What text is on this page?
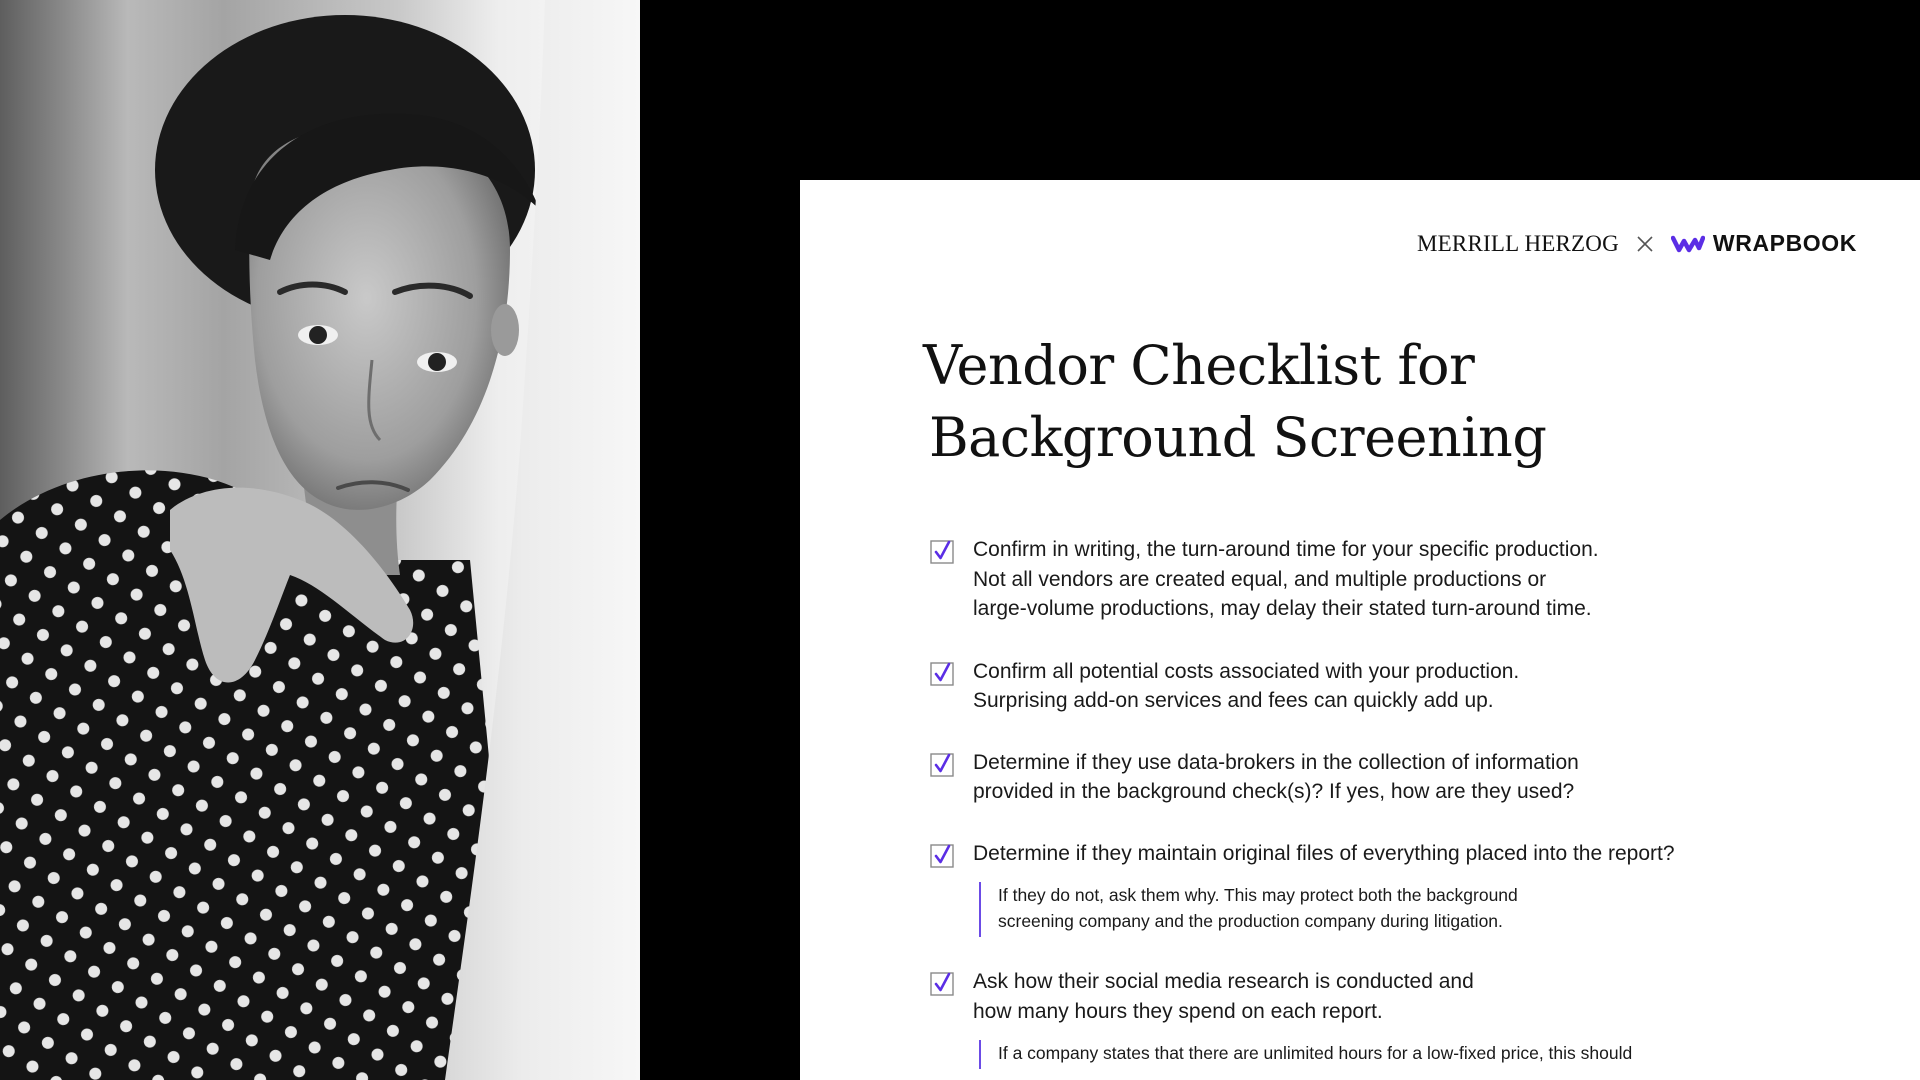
MERRILL HERZOG	WRAPBOOK
Vendor Checklist for
Background Screening

Confirm in writing, the turn-around time for your specific production.
Not all vendors are created equal, and multiple productions or
large-volume productions, may delay their stated turn-around time.

Confirm all potential costs associated with your production.
Surprising add-on services and fees can quickly add up.

Determine if they use data-brokers in the collection of information
provided in the background check(s)? If yes, how are they used?

Determine if they maintain original files of everything placed into the report?

If they do not, ask them why. This may protect both the background
screening company and the production company during litigation.

Ask how their social media research is conducted and
how many hours they spend on each report.

If a company states that there are unlimited hours for a low-fixed price, this should
